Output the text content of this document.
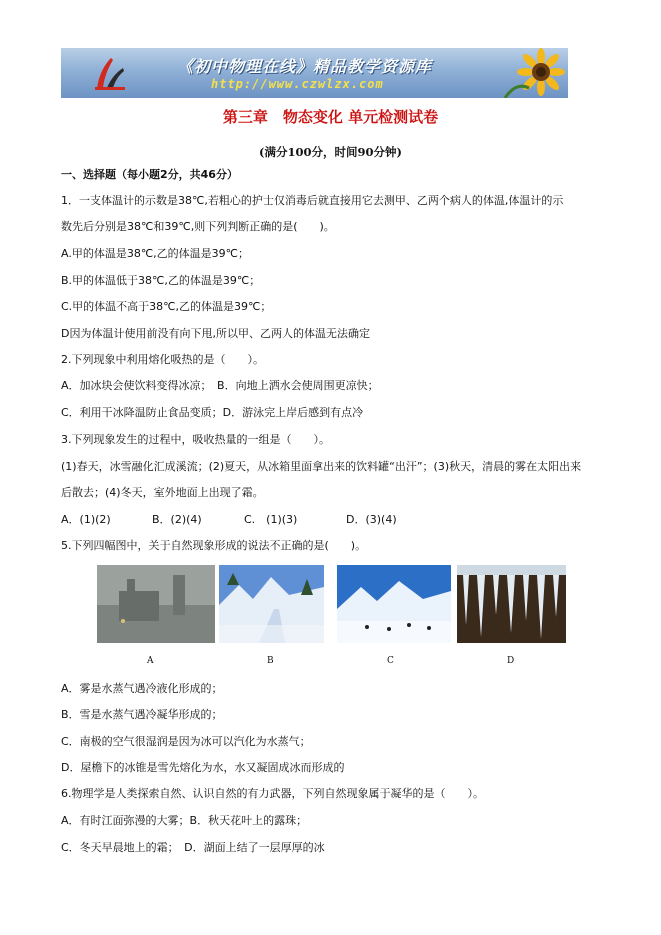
《初中物理在线》精品教学资源库
http://www.czwlzx.com
第三章　物态变化 单元检测试卷
(满分100分，时间90分钟)
一、选择题（每小题2分，共46分）
1．一支体温计的示数是38℃,若粗心的护士仅消毒后就直接用它去测甲、乙两个病人的体温,体温计的示
数先后分别是38℃和39℃,则下列判断正确的是(　　)。
A.甲的体温是38℃,乙的体温是39℃；
B.甲的体温低于38℃,乙的体温是39℃；
C.甲的体温不高于38℃,乙的体温是39℃；
D因为体温计使用前没有向下甩,所以甲、乙两人的体温无法确定
2.下列现象中利用熔化吸热的是（　　）。
A．加冰块会使饮料变得冰凉；　B．向地上洒水会使周围更凉快；
C．利用干冰降温防止食品变质；D．游泳完上岸后感到有点冷
3.下列现象发生的过程中，吸收热量的一组是（　　）。
(1)春天，冰雪融化汇成溪流；(2)夏天，从冰箱里面拿出来的饮料罐“出汗”；(3)秋天，清晨的雾在太阳出来
后散去；(4)冬天，室外地面上出现了霜。
A．(1)(2)	B．(2)(4)	C.　(1)(3)	D．(3)(4)
5.下列四幅图中，关于自然现象形成的说法不正确的是(　　)。
A	B	C	D
A．雾是水蒸气遇冷液化形成的；
B．雪是水蒸气遇冷凝华形成的；
C．南极的空气很湿润是因为冰可以汽化为水蒸气；
D．屋檐下的冰锥是雪先熔化为水，水又凝固成冰而形成的
6.物理学是人类探索自然、认识自然的有力武器，下列自然现象属于凝华的是（　　）。
A．有时江面弥漫的大雾；B．秋天花叶上的露珠；
C．冬天早晨地上的霜；　D．湖面上结了一层厚厚的冰
